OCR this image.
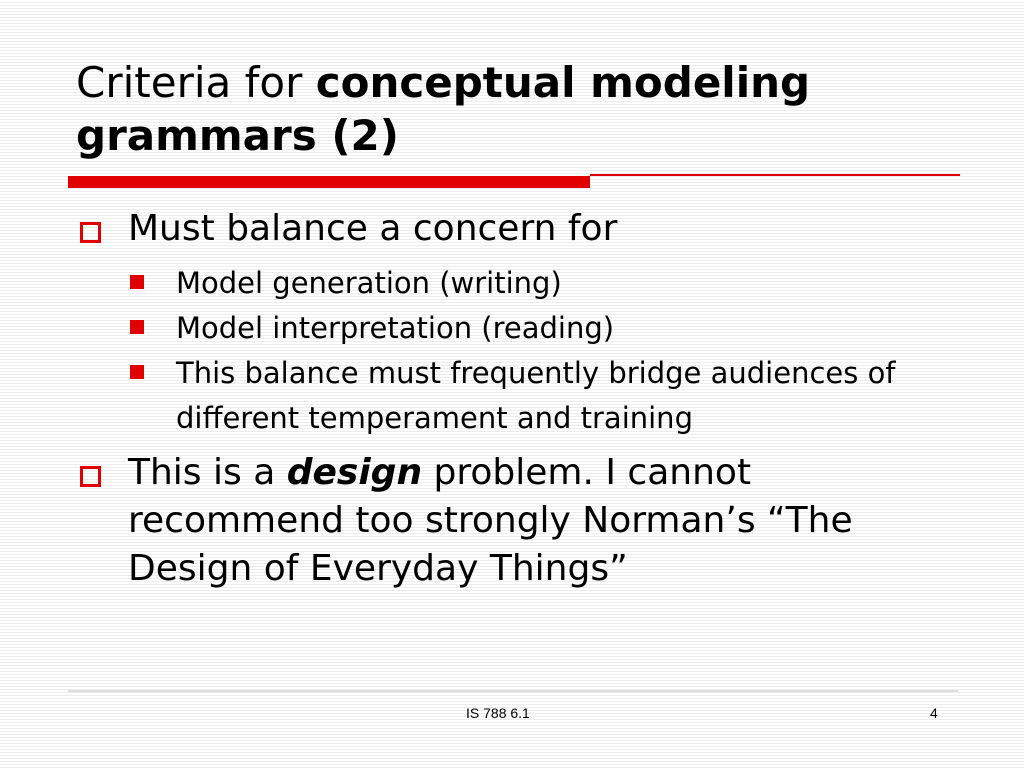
Criteria for conceptual modeling grammars (2)
Must balance a concern for
Model generation (writing)
Model interpretation (reading)
This balance must frequently bridge audiences of different temperament and training
This is a design problem. I cannot recommend too strongly Norman’s “The Design of Everyday Things”
IS 788 6.1	4
